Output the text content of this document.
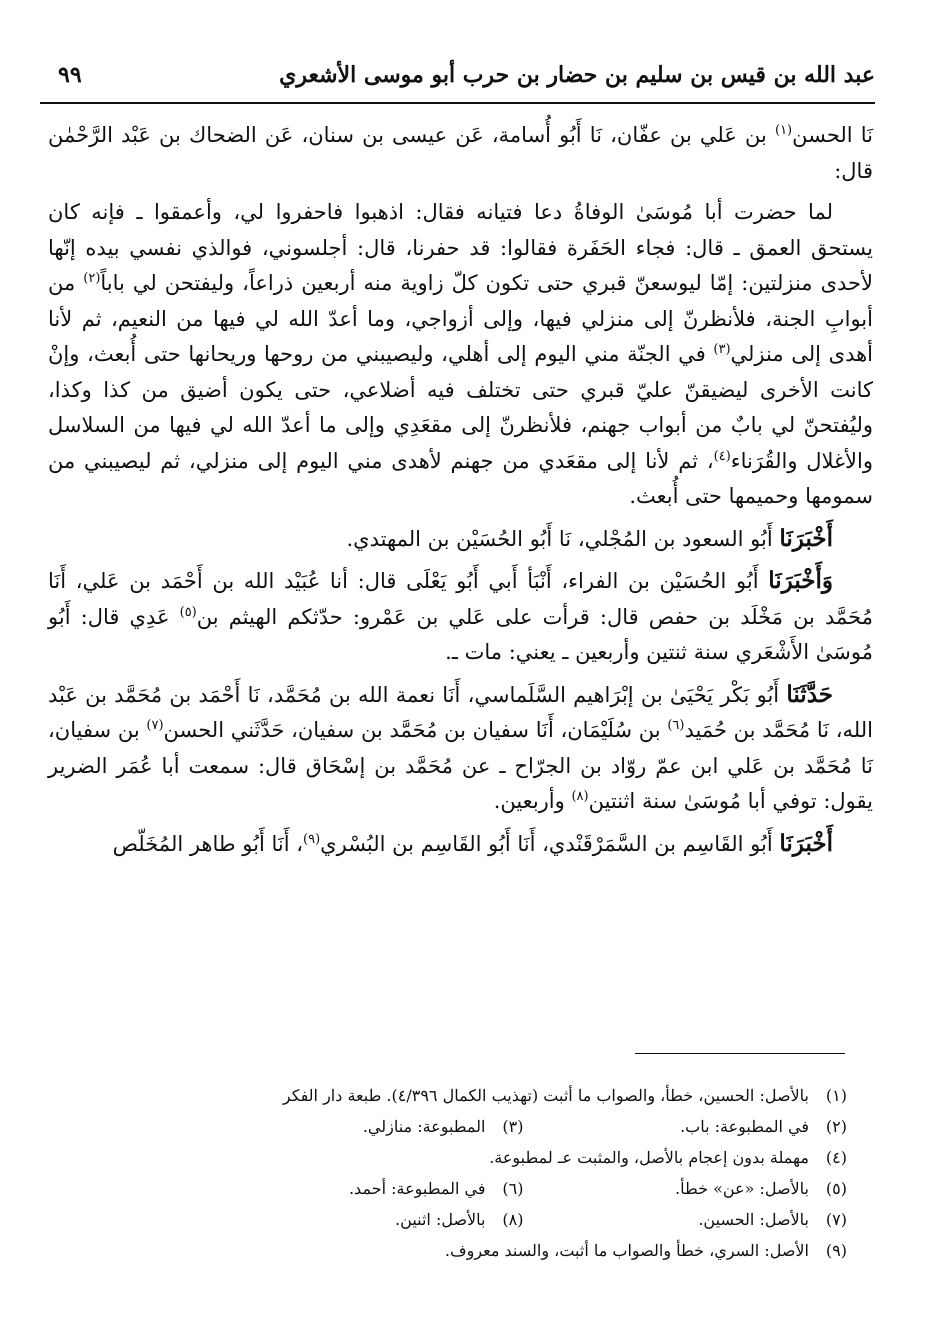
عبد الله بن قيس بن سليم بن حضار بن حرب أبو موسى الأشعري
٩٩

نَا الحسن$^{(١)}$ بن عَلي بن عفّان، نَا أَبُو أُسامة، عَن عيسى بن سنان، عَن الضحاك بن عَبْد الرَّحْمٰن قال:

لما حضرت أبا مُوسَىٰ الوفاةُ دعا فتيانه فقال: اذهبوا فاحفروا لي، وأعمقوا ـ فإنه كان يستحق العمق ـ قال: فجاء الحَفَرة فقالوا: قد حفرنا، قال: أجلسوني، فوالذي نفسي بيده إنّها لأحدى منزلتين: إمّا ليوسعنّ قبري حتى تكون كلّ زاوية منه أربعين ذراعاً، وليفتحن لي باباً$^{(٢)}$ من أبوابِ الجنة، فلأنظرنّ إلى منزلي فيها، وإلى أزواجي، وما أعدّ الله لي فيها من النعيم، ثم لأنا أهدى إلى منزلي$^{(٣)}$ في الجنّة مني اليوم إلى أهلي، وليصيبني من روحها وريحانها حتى أُبعث، وإنْ كانت الأخرى ليضيقنّ عليّ قبري حتى تختلف فيه أضلاعي، حتى يكون أضيق من كذا وكذا، وليُفتحنّ لي بابٌ من أبواب جهنم، فلأنظرنّ إلى مقعَدِي وإلى ما أعدّ الله لي فيها من السلاسل والأغلال والقُرَناء$^{(٤)}$، ثم لأنا إلى مقعَدي من جهنم لأهدى مني اليوم إلى منزلي، ثم ليصيبني من سمومها وحميمها حتى أُبعث.

أَخْبَرَنَا أَبُو السعود بن المُجْلي، نَا أَبُو الحُسَيْن بن المهتدي.

وَأَخْبَرَنَا أَبُو الحُسَيْن بن الفراء، أَنْبَأ أَبي أَبُو يَعْلَى قال: أنا عُبَيْد الله بن أَحْمَد بن عَلي، أَنَا مُحَمَّد بن مَخْلَد بن حفص قال: قرأت على عَلي بن عَمْرو: حدّثكم الهيثم بن$^{(٥)}$ عَدِي قال: أَبُو مُوسَىٰ الأَشْعَري سنة ثنتين وأربعين ـ يعني: مات ـ.

حَدَّثَنَا أَبُو بَكْر يَحْيَىٰ بن إبْرَاهيم السَّلَماسي، أَنَا نعمة الله بن مُحَمَّد، نَا أَحْمَد بن مُحَمَّد بن عَبْد الله، نَا مُحَمَّد بن حُمَيد$^{(٦)}$ بن سُلَيْمَان، أَنَا سفيان بن مُحَمَّد بن سفيان، حَدَّثَني الحسن$^{(٧)}$ بن سفيان، نَا مُحَمَّد بن عَلي ابن عمّ روّاد بن الجرّاح ـ عن مُحَمَّد بن إسْحَاق قال: سمعت أبا عُمَر الضرير يقول: توفي أبا مُوسَىٰ سنة اثنتين$^{(٨)}$ وأربعين.

أَخْبَرَنَا أَبُو القَاسِم بن السَّمَرْقَنْدي، أَنَا أَبُو القَاسِم بن البُسْري$^{(٩)}$، أَنَا أَبُو طاهر المُخَلّص

(١)بالأصل: الحسين، خطأ، والصواب ما أثبت (تهذيب الكمال ٤/٣٩٦). طبعة دار الفكر
(٢)في المطبوعة: باب.
(٣)المطبوعة: منازلي.
(٤)مهملة بدون إعجام بالأصل، والمثبت عـ لمطبوعة.
(٥)بالأصل: «عن» خطأ.
(٦)في المطبوعة: أحمد.
(٧)بالأصل: الحسين.
(٨)بالأصل: اثنين.
(٩)الأصل: السري، خطأ والصواب ما أثبت، والسند معروف.
